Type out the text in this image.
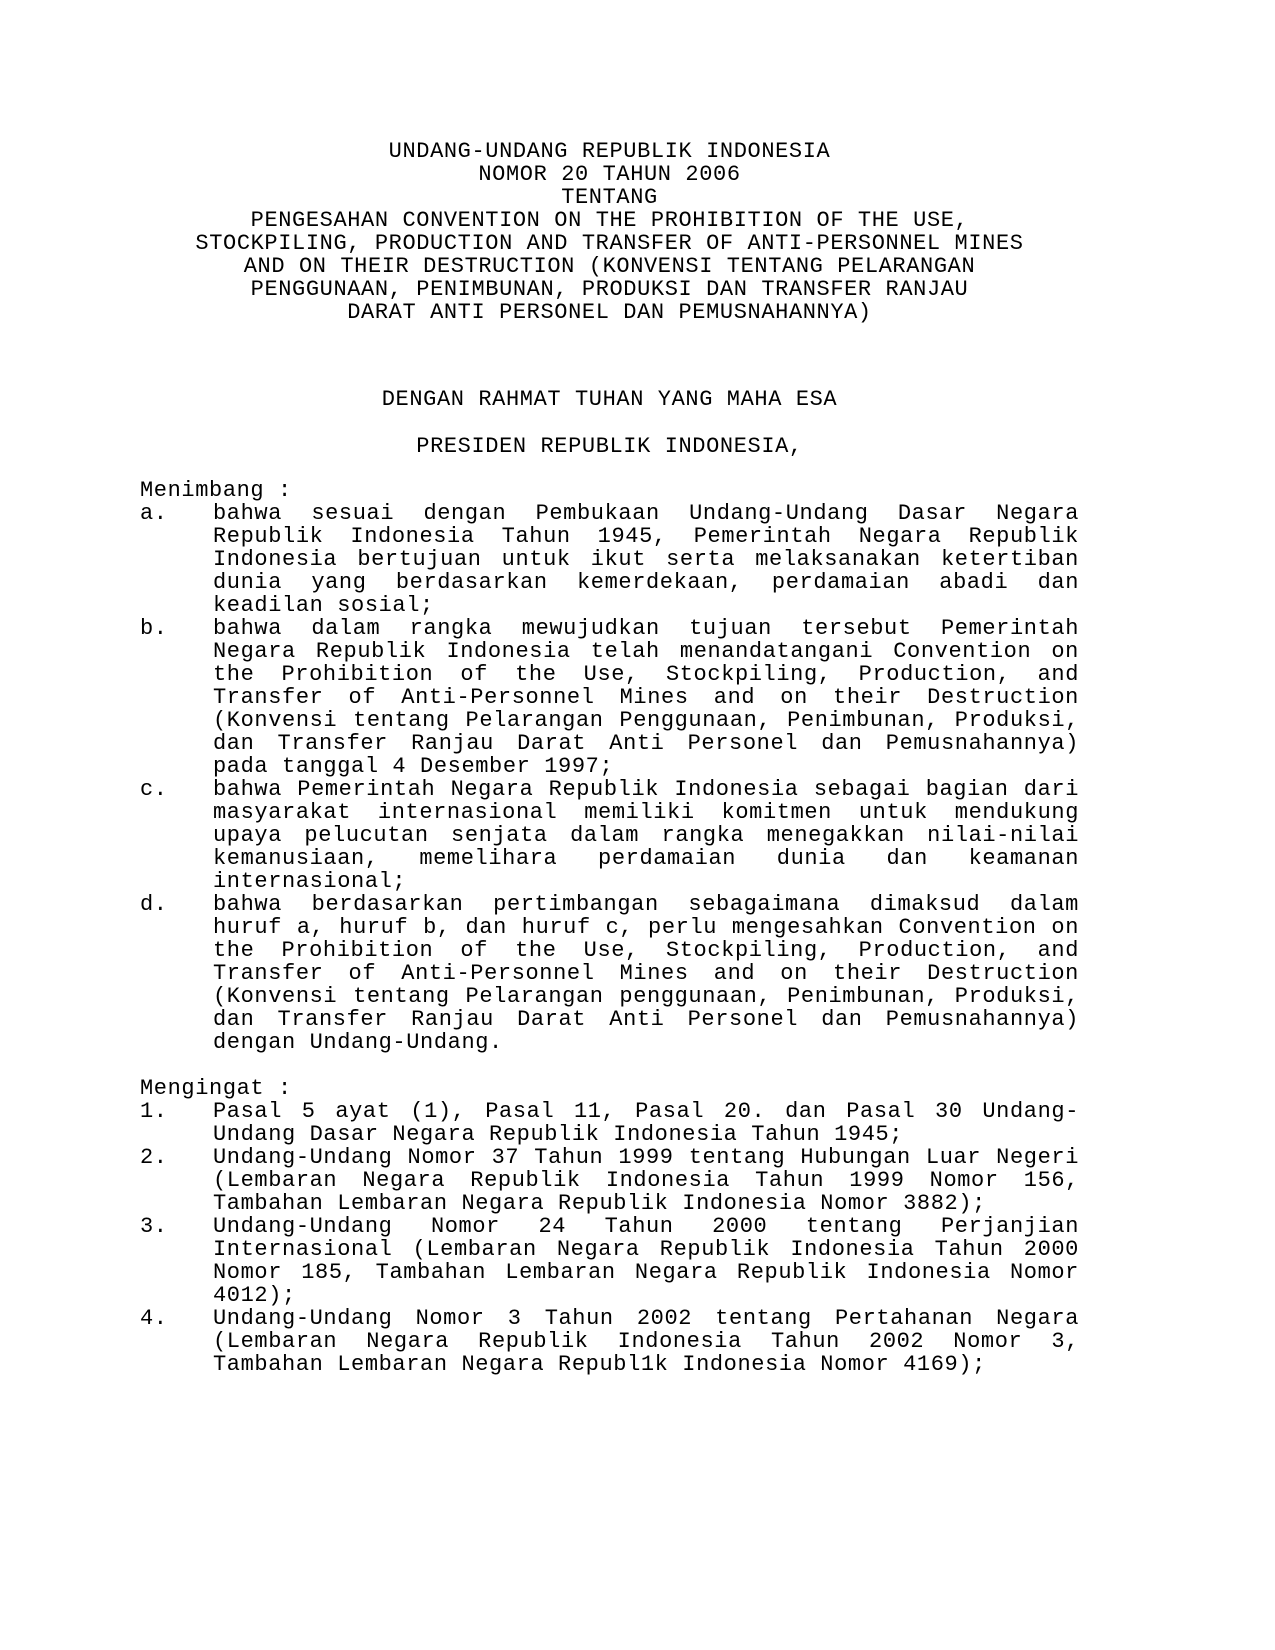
UNDANG-UNDANG REPUBLIK INDONESIA
NOMOR 20 TAHUN 2006
TENTANG
PENGESAHAN CONVENTION ON THE PROHIBITION OF THE USE,
STOCKPILING, PRODUCTION AND TRANSFER OF ANTI-PERSONNEL MINES
AND ON THEIR DESTRUCTION (KONVENSI TENTANG PELARANGAN
PENGGUNAAN, PENIMBUNAN, PRODUKSI DAN TRANSFER RANJAU
DARAT ANTI PERSONEL DAN PEMUSNAHANNYA)
DENGAN RAHMAT TUHAN YANG MAHA ESA
PRESIDEN REPUBLIK INDONESIA,
Menimbang :
a.	bahwa sesuai dengan Pembukaan Undang-Undang Dasar Negara Republik Indonesia Tahun 1945, Pemerintah Negara Republik Indonesia bertujuan untuk ikut serta melaksanakan ketertiban dunia yang berdasarkan kemerdekaan, perdamaian abadi dan keadilan sosial;
b.	bahwa dalam rangka mewujudkan tujuan tersebut Pemerintah Negara Republik Indonesia telah menandatangani Convention on the Prohibition of the Use, Stockpiling, Production, and Transfer of Anti-Personnel Mines and on their Destruction (Konvensi tentang Pelarangan Penggunaan, Penimbunan, Produksi, dan Transfer Ranjau Darat Anti Personel dan Pemusnahannya) pada tanggal 4 Desember 1997;
c.	bahwa Pemerintah Negara Republik Indonesia sebagai bagian dari masyarakat internasional memiliki komitmen untuk mendukung upaya pelucutan senjata dalam rangka menegakkan nilai-nilai kemanusiaan, memelihara perdamaian dunia dan keamanan internasional;
d.	bahwa berdasarkan pertimbangan sebagaimana dimaksud dalam huruf a, huruf b, dan huruf c, perlu mengesahkan Convention on the Prohibition of the Use, Stockpiling, Production, and Transfer of Anti-Personnel Mines and on their Destruction (Konvensi tentang Pelarangan penggunaan, Penimbunan, Produksi, dan Transfer Ranjau Darat Anti Personel dan Pemusnahannya) dengan Undang-Undang.
Mengingat :
1.	Pasal 5 ayat (1), Pasal 11, Pasal 20. dan Pasal 30 Undang-Undang Dasar Negara Republik Indonesia Tahun 1945;
2.	Undang-Undang Nomor 37 Tahun 1999 tentang Hubungan Luar Negeri (Lembaran Negara Republik Indonesia Tahun 1999 Nomor 156, Tambahan Lembaran Negara Republik Indonesia Nomor 3882);
3.	Undang-Undang Nomor 24 Tahun 2000 tentang Perjanjian Internasional (Lembaran Negara Republik Indonesia Tahun 2000 Nomor 185, Tambahan Lembaran Negara Republik Indonesia Nomor 4012);
4.	Undang-Undang Nomor 3 Tahun 2002 tentang Pertahanan Negara (Lembaran Negara Republik Indonesia Tahun 2002 Nomor 3, Tambahan Lembaran Negara Republ1k Indonesia Nomor 4169);
